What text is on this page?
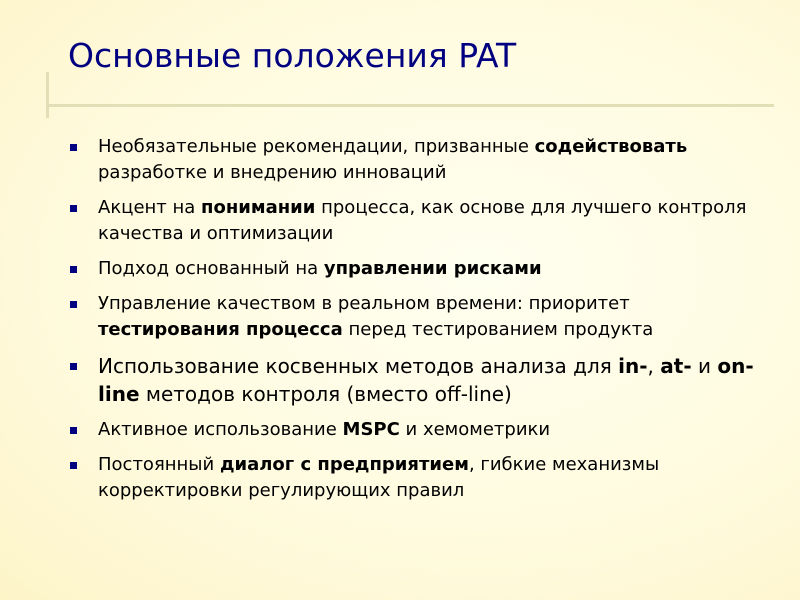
Основные положения PAT
Необязательные рекомендации, призванные содействовать разработке и внедрению инноваций
Акцент на понимании процесса, как основе для лучшего контроля качества и оптимизации
Подход основанный на управлении рисками
Управление качеством в реальном времени: приоритет тестирования процесса перед тестированием продукта
Использование косвенных методов анализа для in-, at- и on-line методов контроля (вместо off-line)
Активное использование MSPC и хемометрики
Постоянный диалог с предприятием, гибкие механизмы корректировки регулирующих правил
